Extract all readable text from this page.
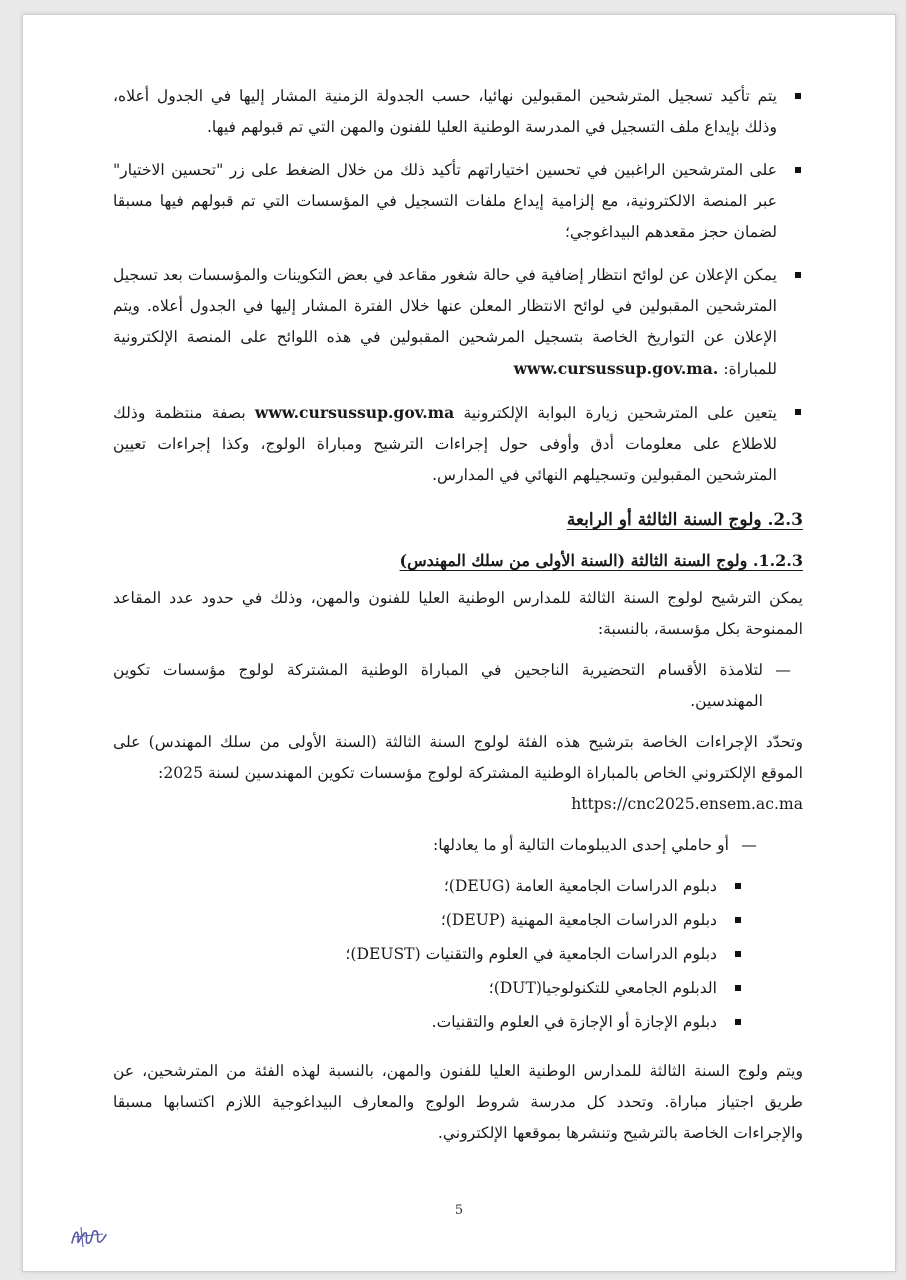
يتم تأكيد تسجيل المترشحين المقبولين نهائيا، حسب الجدولة الزمنية المشار إليها في الجدول أعلاه، وذلك بإيداع ملف التسجيل في المدرسة الوطنية العليا للفنون والمهن التي تم قبولهم فيها.
على المترشحين الراغبين في تحسين اختياراتهم تأكيد ذلك من خلال الضغط على زر "تحسين الاختيار" عبر المنصة الالكترونية، مع إلزامية إيداع ملفات التسجيل في المؤسسات التي تم قبولهم فيها مسبقا لضمان حجز مقعدهم البيداغوجي؛
يمكن الإعلان عن لوائح انتظار إضافية في حالة شغور مقاعد في بعض التكوينات والمؤسسات بعد تسجيل المترشحين المقبولين في لوائح الانتظار المعلن عنها خلال الفترة المشار إليها في الجدول أعلاه. ويتم الإعلان عن التواريخ الخاصة بتسجيل المرشحين المقبولين في هذه اللوائح على المنصة الإلكترونية للمباراة: www.cursussup.gov.ma.
يتعين على المترشحين زيارة البوابة الإلكترونية www.cursussup.gov.ma بصفة منتظمة وذلك للاطلاع على معلومات أدق وأوفى حول إجراءات الترشيح ومباراة الولوج، وكذا إجراءات تعيين المترشحين المقبولين وتسجيلهم النهائي في المدارس.
2.3. ولوج السنة الثالثة أو الرابعة
1.2.3. ولوج السنة الثالثة (السنة الأولى من سلك المهندس)

يمكن الترشيح لولوج السنة الثالثة للمدارس الوطنية العليا للفنون والمهن، وذلك في حدود عدد المقاعد الممنوحة بكل مؤسسة، بالنسبة:

—
لتلامذة الأقسام التحضيرية الناجحين في المباراة الوطنية المشتركة لولوج مؤسسات تكوين المهندسين.

وتحدّد الإجراءات الخاصة بترشيح هذه الفئة لولوج السنة الثالثة (السنة الأولى من سلك المهندس) على الموقع الإلكتروني الخاص بالمباراة الوطنية المشتركة لولوج مؤسسات تكوين المهندسين لسنة 2025:
https://cnc2025.ensem.ac.ma

—
أو حاملي إحدى الديبلومات التالية أو ما يعادلها:
دبلوم الدراسات الجامعية العامة (DEUG)؛
دبلوم الدراسات الجامعية المهنية (DEUP)؛
دبلوم الدراسات الجامعية في العلوم والتقنيات (DEUST)؛
الدبلوم الجامعي للتكنولوجيا(DUT)؛
دبلوم الإجازة أو الإجازة في العلوم والتقنيات.

ويتم ولوج السنة الثالثة للمدارس الوطنية العليا للفنون والمهن، بالنسبة لهذه الفئة من المترشحين، عن طريق اجتياز مباراة. وتحدد كل مدرسة شروط الولوج والمعارف البيداغوجية اللازم اكتسابها مسبقا والإجراءات الخاصة بالترشيح وتنشرها بموقعها الإلكتروني.

5
